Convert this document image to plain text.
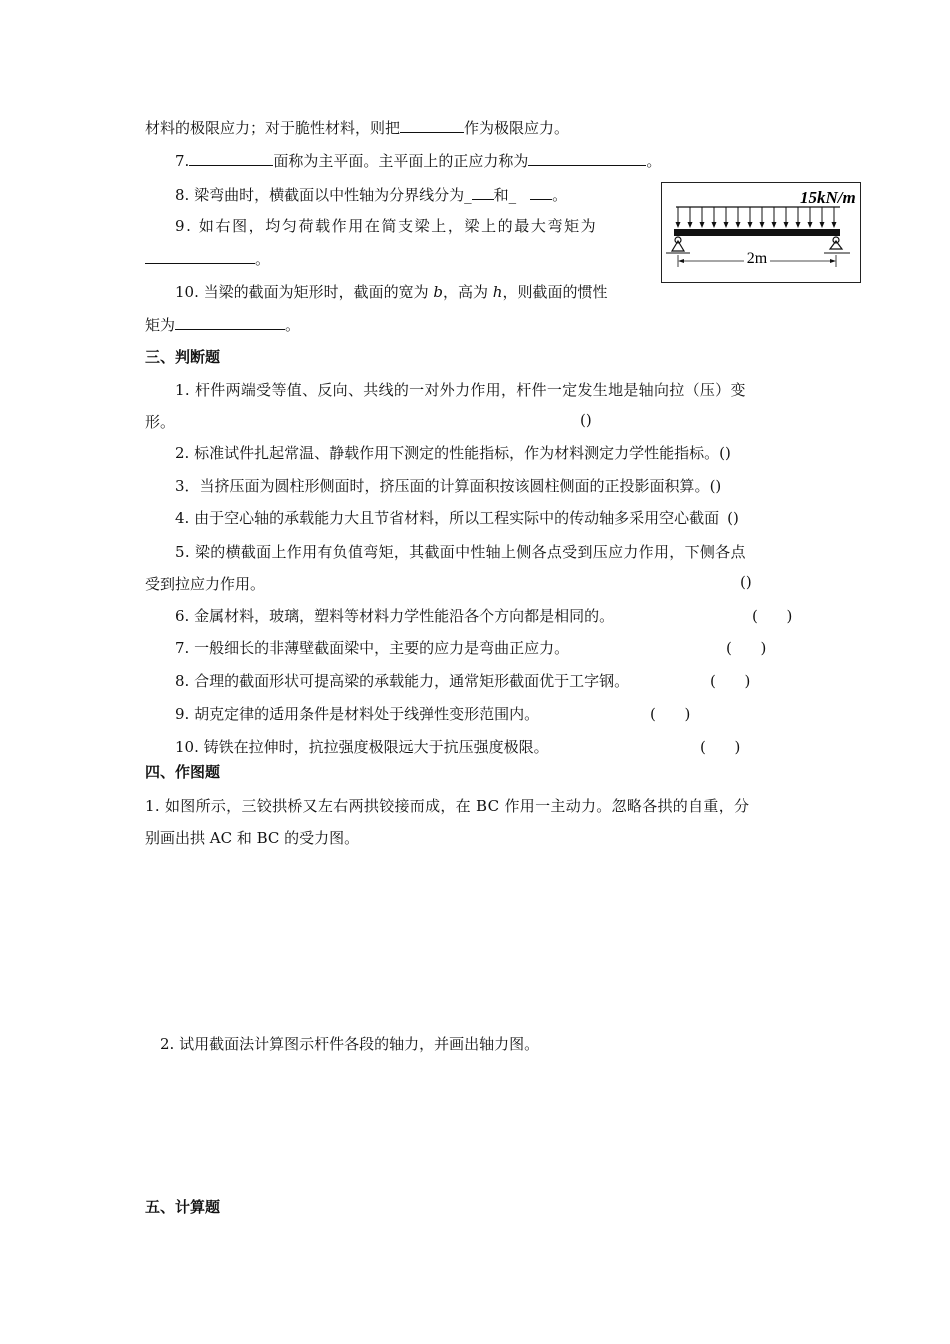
材料的极限应力；对于脆性材料，则把	作为极限应力。
7.	面称为主平面。主平面上的正应力称为	。
8. 梁弯曲时，横截面以中性轴为分界线分为_ 和_ 。
9. 如右图，均匀荷载作用在简支梁上，梁上的最大弯矩为
。
10. 当梁的截面为矩形时，截面的宽为 b，高为 h，则截面的惯性
矩为	。
15kN/m
2m
三、判断题
1. 杆件两端受等值、反向、共线的一对外力作用，杆件一定发生地是轴向拉（压）变
形。	()
2. 标准试件扎起常温、静载作用下测定的性能指标，作为材料测定力学性能指标。()
3．当挤压面为圆柱形侧面时，挤压面的计算面积按该圆柱侧面的正投影面积算。()
4. 由于空心轴的承载能力大且节省材料，所以工程实际中的传动轴多采用空心截面 ()
5. 梁的横截面上作用有负值弯矩，其截面中性轴上侧各点受到压应力作用，下侧各点
受到拉应力作用。	()
6. 金属材料，玻璃，塑料等材料力学性能沿各个方向都是相同的。	(      )
7. 一般细长的非薄壁截面梁中，主要的应力是弯曲正应力。	(      )
8. 合理的截面形状可提高梁的承载能力，通常矩形截面优于工字钢。	(      )
9. 胡克定律的适用条件是材料处于线弹性变形范围内。	(      )
10. 铸铁在拉伸时，抗拉强度极限远大于抗压强度极限。	(      )
四、作图题
1. 如图所示，三铰拱桥又左右两拱铰接而成，在 BC 作用一主动力。忽略各拱的自重，分
别画出拱 AC 和 BC 的受力图。
2. 试用截面法计算图示杆件各段的轴力，并画出轴力图。
五、计算题
